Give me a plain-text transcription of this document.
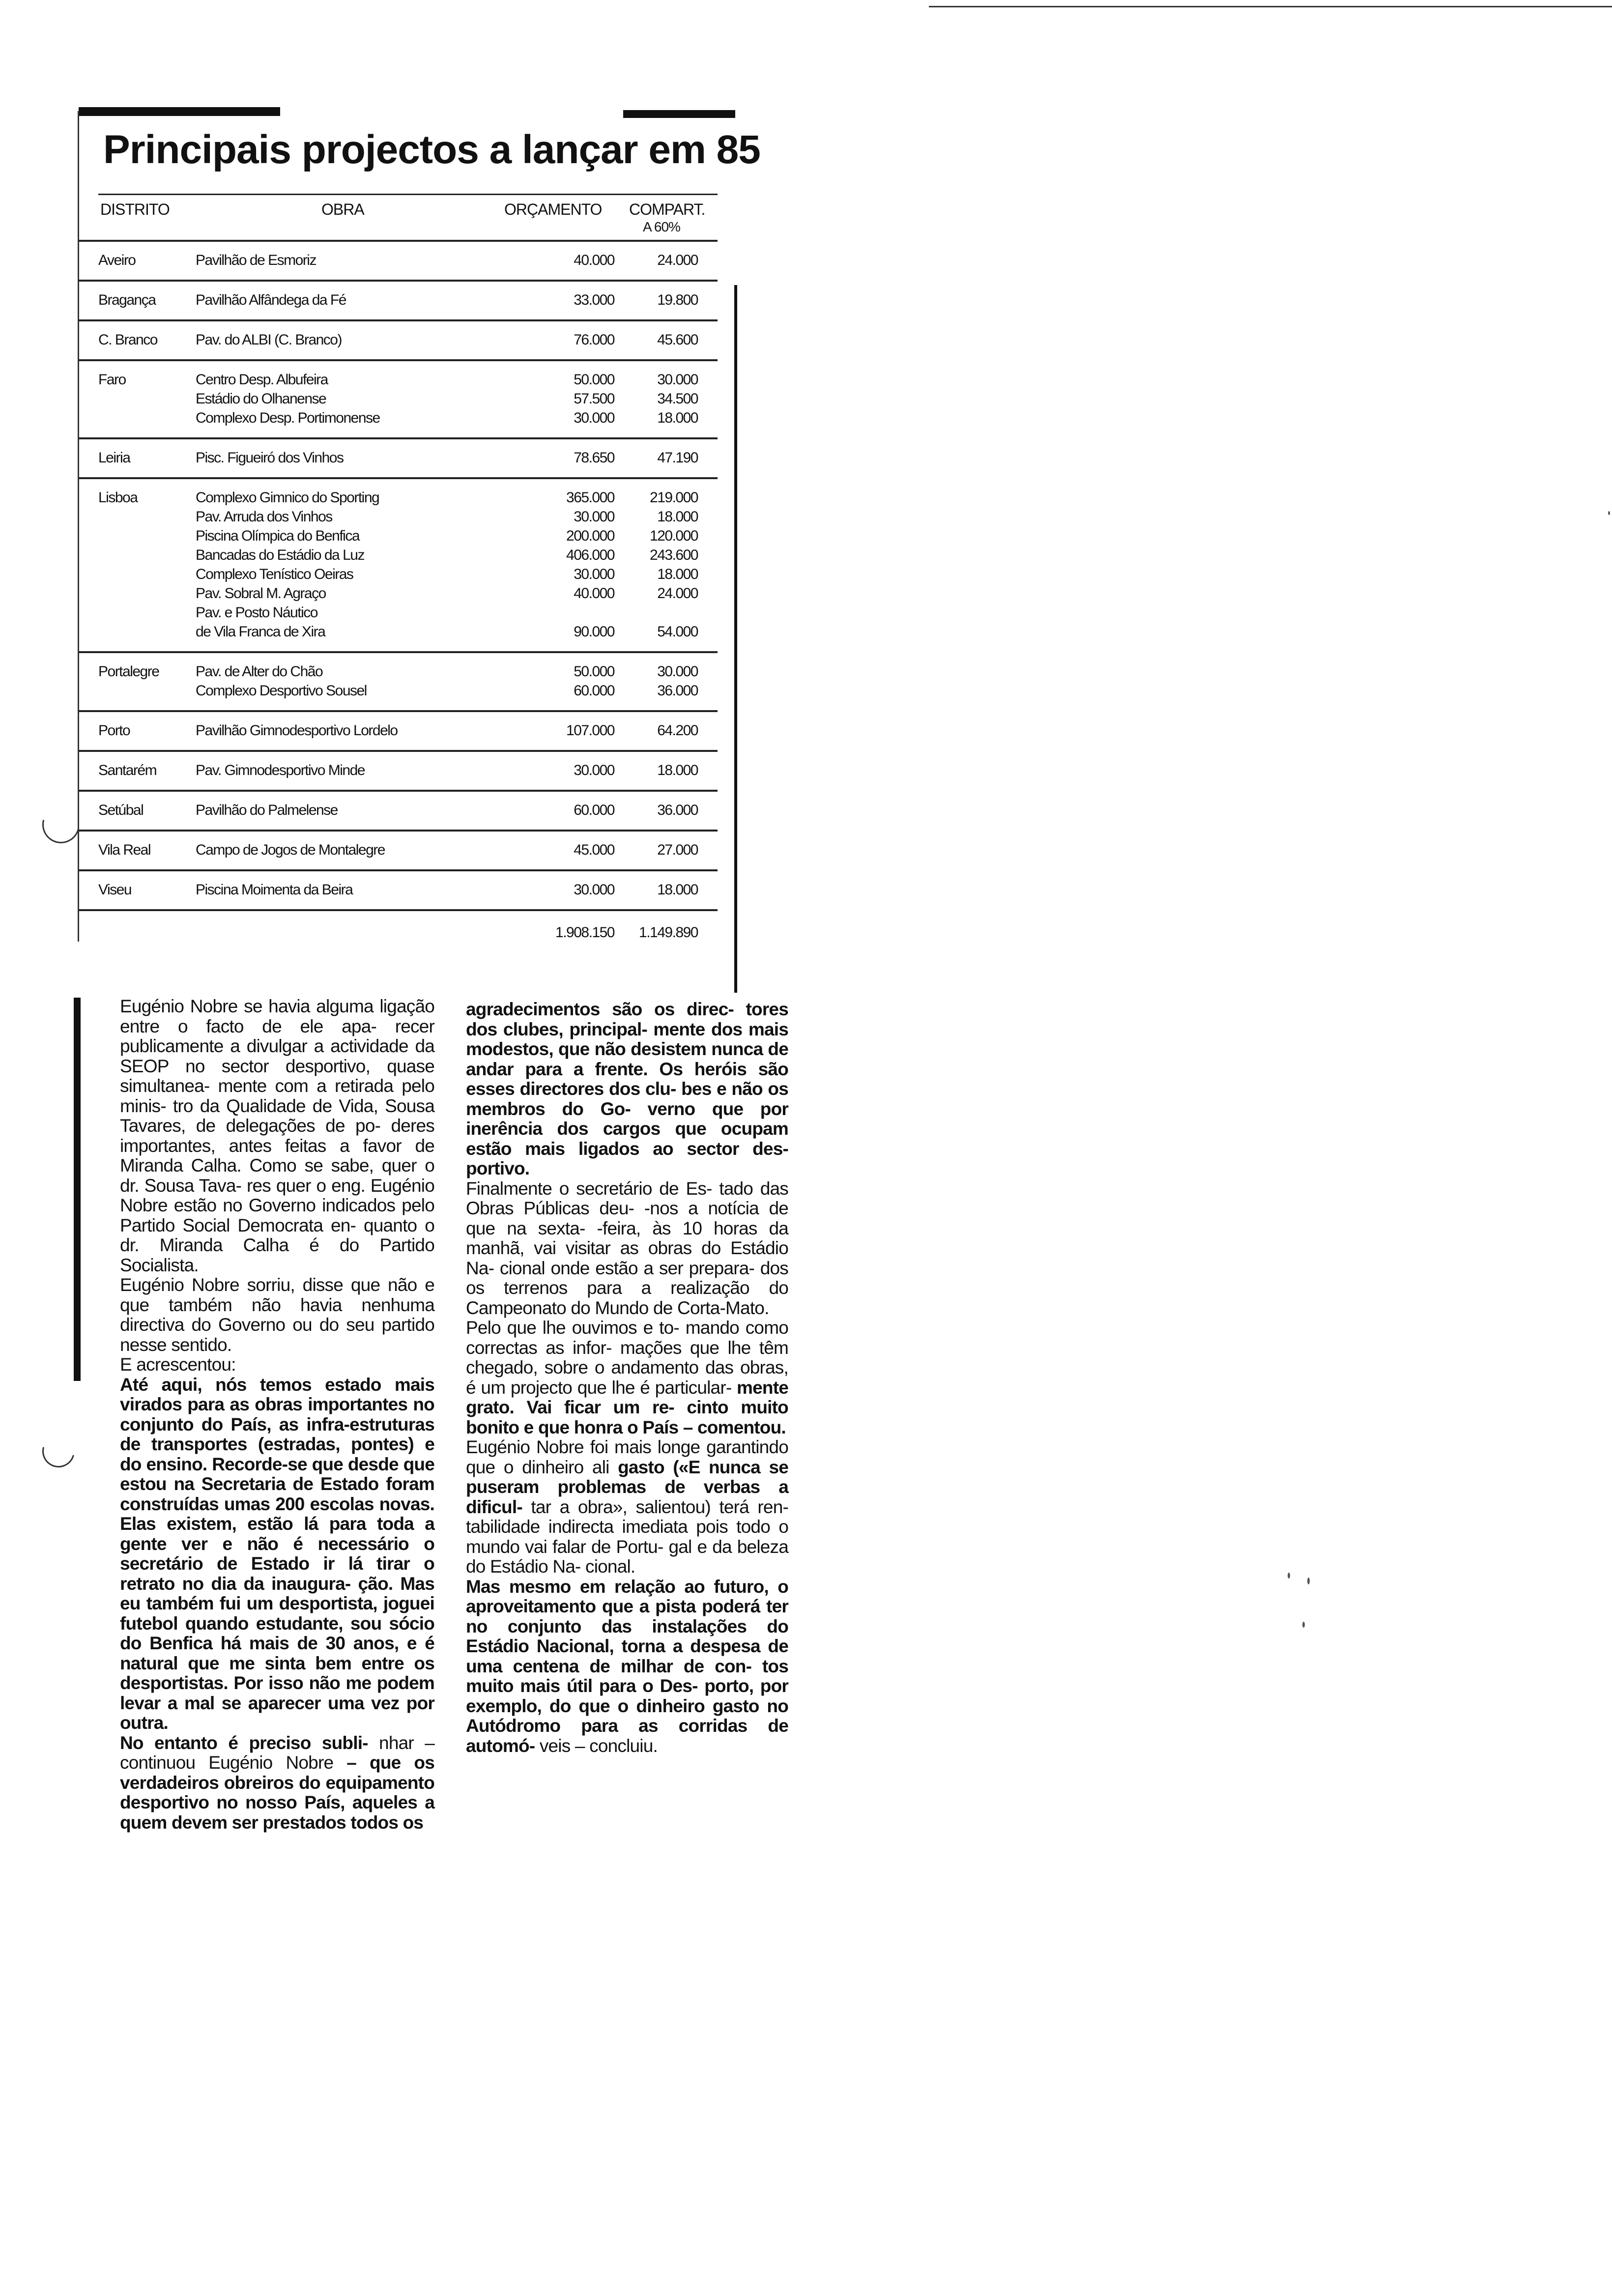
Principais projectos a lançar em 85
DISTRITO	OBRA	ORÇAMENTO COMPART.
A 60%
Aveiro	Pavilhão de Esmoriz	40.000	24.000
Bragança	Pavilhão Alfândega da Fé	33.000	19.800
C. Branco	Pav. do ALBI (C. Branco)	76.000	45.600
Faro	Centro Desp. Albufeira	50.000	30.000
Estádio do Olhanense	57.500	34.500
Complexo Desp. Portimonense	30.000	18.000
Leiria	Pisc. Figueiró dos Vinhos	78.650	47.190
Lisboa	Complexo Gimnico do Sporting	365.000	219.000
Pav. Arruda dos Vinhos	30.000	18.000
Piscina Olímpica do Benfica	200.000	120.000
Bancadas do Estádio da Luz	406.000	243.600
Complexo Tenístico Oeiras	30.000	18.000
Pav. Sobral M. Agraço	40.000	24.000
Pav. e Posto Náutico
de Vila Franca de Xira	90.000	54.000
Portalegre Pav. de Alter do Chão	50.000	30.000
Complexo Desportivo Sousel	60.000	36.000
Porto	Pavilhão Gimnodesportivo Lordelo	107.000	64.200
Santarém	Pav. Gimnodesportivo Minde	30.000	18.000
Setúbal	Pavilhão do Palmelense	60.000	36.000
Vila Real	Campo de Jogos de Montalegre	45.000	27.000
Viseu	Piscina Moimenta da Beira	30.000	18.000
1.908.150	1.149.890

Eugénio Nobre se havia alguma ligação entre o facto de ele apa- recer publicamente a divulgar a actividade da SEOP no sector desportivo, quase simultanea- mente com a retirada pelo minis- tro da Qualidade de Vida, Sousa Tavares, de delegações de po- deres importantes, antes feitas a favor de Miranda Calha. Como se sabe, quer o dr. Sousa Tava- res quer o eng. Eugénio Nobre estão no Governo indicados pelo Partido Social Democrata en- quanto o dr. Miranda Calha é do Partido Socialista.

Eugénio Nobre sorriu, disse que não e que também não havia nenhuma directiva do Governo ou do seu partido nesse sentido.

E acrescentou:

Até aqui, nós temos estado mais virados para as obras importantes no conjunto do País, as infra-estruturas de transportes (estradas, pontes) e do ensino. Recorde-se que desde que estou na Secretaria de Estado foram construídas umas 200 escolas novas. Elas existem, estão lá para toda a gente ver e não é necessário o secretário de Estado ir lá tirar o retrato no dia da inaugura- ção. Mas eu também fui um desportista, joguei futebol quando estudante, sou sócio do Benfica há mais de 30 anos, e é natural que me sinta bem entre os desportistas. Por isso não me podem levar a mal se aparecer uma vez por outra.

No entanto é preciso subli- nhar – continuou Eugénio Nobre – que os verdadeiros obreiros do equipamento desportivo no nosso País, aqueles a quem devem ser prestados todos os

agradecimentos são os direc- tores dos clubes, principal- mente dos mais modestos, que não desistem nunca de andar para a frente. Os heróis são esses directores dos clu- bes e não os membros do Go- verno que por inerência dos cargos que ocupam estão mais ligados ao sector des- portivo.

Finalmente o secretário de Es- tado das Obras Públicas deu- -nos a notícia de que na sexta- -feira, às 10 horas da manhã, vai visitar as obras do Estádio Na- cional onde estão a ser prepara- dos os terrenos para a realização do Campeonato do Mundo de Corta-Mato.

Pelo que lhe ouvimos e to- mando como correctas as infor- mações que lhe têm chegado, sobre o andamento das obras, é um projecto que lhe é particular- mente grato. Vai ficar um re- cinto muito bonito e que honra o País – comentou.

Eugénio Nobre foi mais longe garantindo que o dinheiro ali gasto («E nunca se puseram problemas de verbas a dificul- tar a obra», salientou) terá ren- tabilidade indirecta imediata pois todo o mundo vai falar de Portu- gal e da beleza do Estádio Na- cional.

Mas mesmo em relação ao futuro, o aproveitamento que a pista poderá ter no conjunto das instalações do Estádio Nacional, torna a despesa de uma centena de milhar de con- tos muito mais útil para o Des- porto, por exemplo, do que o dinheiro gasto no Autódromo para as corridas de automó- veis – concluiu.
